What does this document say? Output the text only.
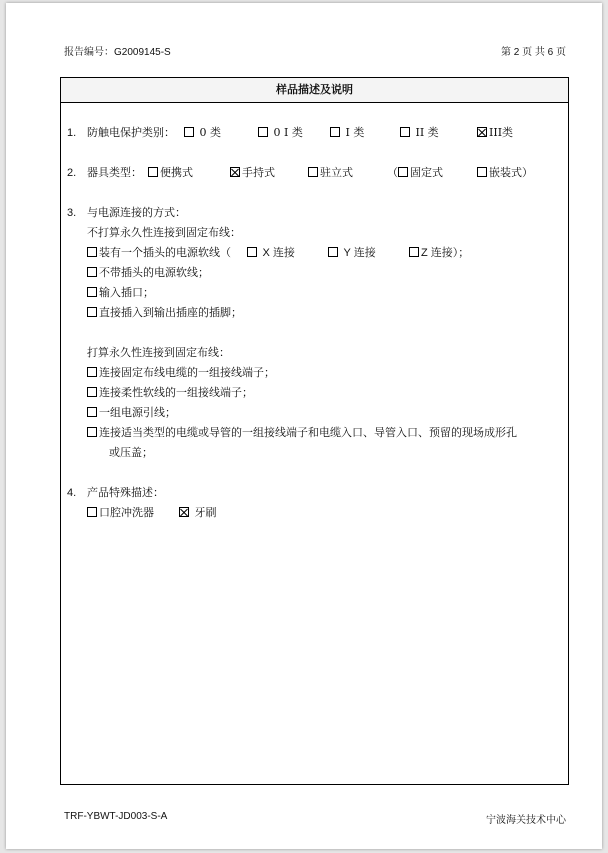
报告编号：G2009145-S	第 2 页 共 6 页
样品描述及说明
1. 防触电保护类别：	0 类	0 I 类	I 类	II 类	III类
2. 器具类型：	便携式	手持式	驻立式	（ 固定式	嵌装式）
3. 与电源连接的方式：
不打算永久性连接到固定布线：
装有一个插头的电源软线（	X 连接	Y 连接	Z 连接）；
不带插头的电源软线；
输入插口；
直接插入到输出插座的插脚；
打算永久性连接到固定布线：
连接固定布线电缆的一组接线端子；
连接柔性软线的一组接线端子；
一组电源引线；
连接适当类型的电缆或导管的一组接线端子和电缆入口、导管入口、预留的现场成形孔
或压盖；
4. 产品特殊描述：
口腔冲洗器	牙刷
TRF-YBWT-JD003-S-A	宁波海关技术中心
